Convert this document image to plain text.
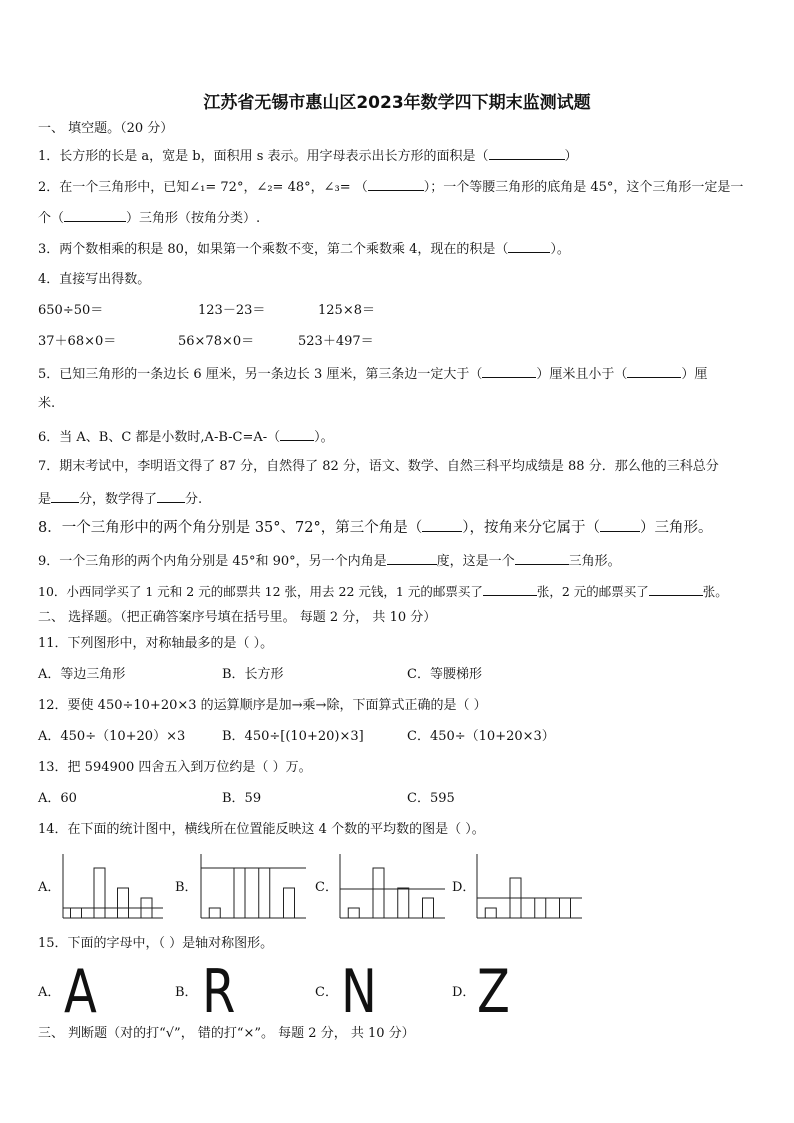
江苏省无锡市惠山区2023年数学四下期末监测试题
一、 填空题。（20 分）
1．长方形的长是 a，宽是 b，面积用 s 表示。用字母表示出长方形的面积是（	）
2．在一个三角形中，已知∠₁= 72°，∠₂= 48°，∠₃= （	）；一个等腰三角形的底角是 45°，这个三角形一定是一
个（	）三角形（按角分类）.
3．两个数相乘的积是 80，如果第一个乘数不变，第二个乘数乘 4，现在的积是（	）。
4．直接写出得数。
650÷50＝	123－23＝	125×8＝
37＋68×0＝	56×78×0＝	523＋497＝
5．已知三角形的一条边长 6 厘米，另一条边长 3 厘米，第三条边一定大于（	）厘米且小于（	）厘
米.
6．当 A、B、C 都是小数时,A-B-C=A-（	）。
7．期末考试中，李明语文得了 87 分，自然得了 82 分，语文、数学、自然三科平均成绩是 88 分．那么他的三科总分
是 分，数学得了 分.
8．一个三角形中的两个角分别是 35°、72°，第三个角是（	），按角来分它属于（	）三角形。
9．一个三角形的两个内角分别是 45°和 90°，另一个内角是	度，这是一个	三角形。
10．小西同学买了 1 元和 2 元的邮票共 12 张，用去 22 元钱，1 元的邮票买了	张，2 元的邮票买了	张。
二、 选择题。（把正确答案序号填在括号里。 每题 2 分， 共 10 分）
11．下列图形中，对称轴最多的是（ ）。
A．等边三角形	B．长方形	C．等腰梯形
12．要使 450÷10+20×3 的运算顺序是加→乘→除，下面算式正确的是（ ）
A．450÷（10+20）×3	B．450÷[(10+20)×3]	C．450÷（10+20×3）
13．把 594900 四舍五入到万位约是（ ）万。
A．60	B．59	C．595
14．在下面的统计图中，横线所在位置能反映这 4 个数的平均数的图是（ ）。
A．	B．	C．	D．
15．下面的字母中，（ ）是轴对称图形。
A． A	B． R	C． N	D． Z
三、 判断题（对的打“√”， 错的打“×”。 每题 2 分， 共 10 分）
